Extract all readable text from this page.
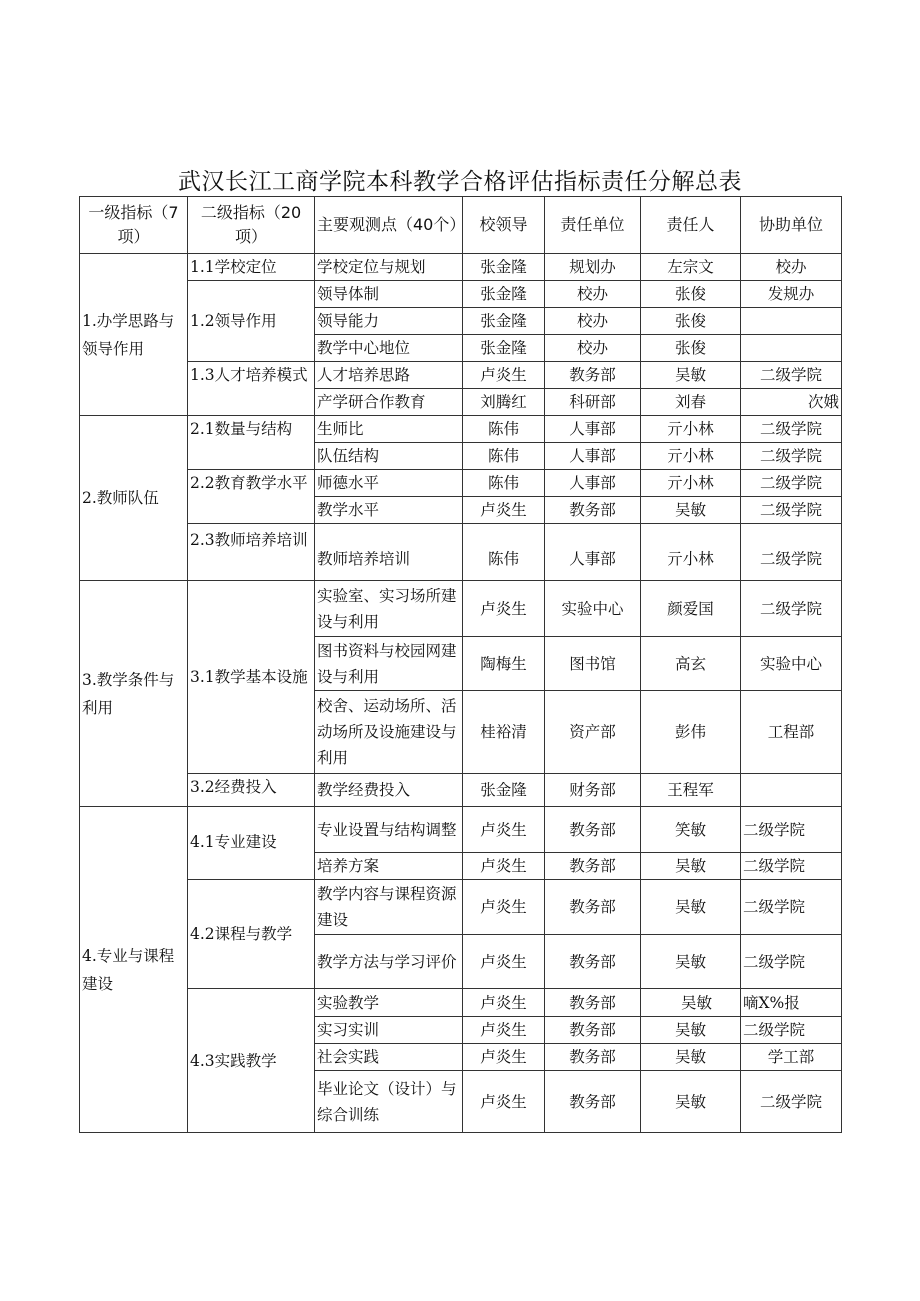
武汉长江工商学院本科教学合格评估指标责任分解总表
一级指标（7项）	二级指标（20项）	主要观测点（40个）	校领导	责任单位	责任人	协助单位
1.办学思路与领导作用	1.1学校定位	学校定位与规划	张金隆	规划办	左宗文	校办
	1.2领导作用	领导体制	张金隆	校办	张俊	发规办
		领导能力	张金隆	校办	张俊	
		教学中心地位	张金隆	校办	张俊	
	1.3人才培养模式	人才培养思路	卢炎生	教务部	吴敏	二级学院
		产学研合作教育	刘腾红	科研部	刘春	次娥
2.教师队伍	2.1数量与结构	生师比	陈伟	人事部	亓小林	二级学院
		队伍结构	陈伟	人事部	亓小林	二级学院
	2.2教育教学水平	师德水平	陈伟	人事部	亓小林	二级学院
		教学水平	卢炎生	教务部	吴敏	二级学院
	2.3教师培养培训	教师培养培训	陈伟	人事部	亓小林	二级学院
3.教学条件与利用	3.1教学基本设施	实验室、实习场所建设与利用	卢炎生	实验中心	颜爱国	二级学院
		图书资料与校园网建设与利用	陶梅生	图书馆	高玄	实验中心
		校舍、运动场所、活动场所及设施建设与利用	桂裕清	资产部	彭伟	工程部
	3.2经费投入	教学经费投入	张金隆	财务部	王程军	
4.专业与课程建设	4.1专业建设	专业设置与结构调整	卢炎生	教务部	笑敏	二级学院
		培养方案	卢炎生	教务部	吴敏	二级学院
	4.2课程与教学	教学内容与课程资源建设	卢炎生	教务部	吴敏	二级学院
		教学方法与学习评价	卢炎生	教务部	吴敏	二级学院
	4.3实践教学	实验教学	卢炎生	教务部	吴敏	嘀X%报
		实习实训	卢炎生	教务部	吴敏	二级学院
		社会实践	卢炎生	教务部	吴敏	学工部
		毕业论文（设计）与综合训练	卢炎生	教务部	吴敏	二级学院
